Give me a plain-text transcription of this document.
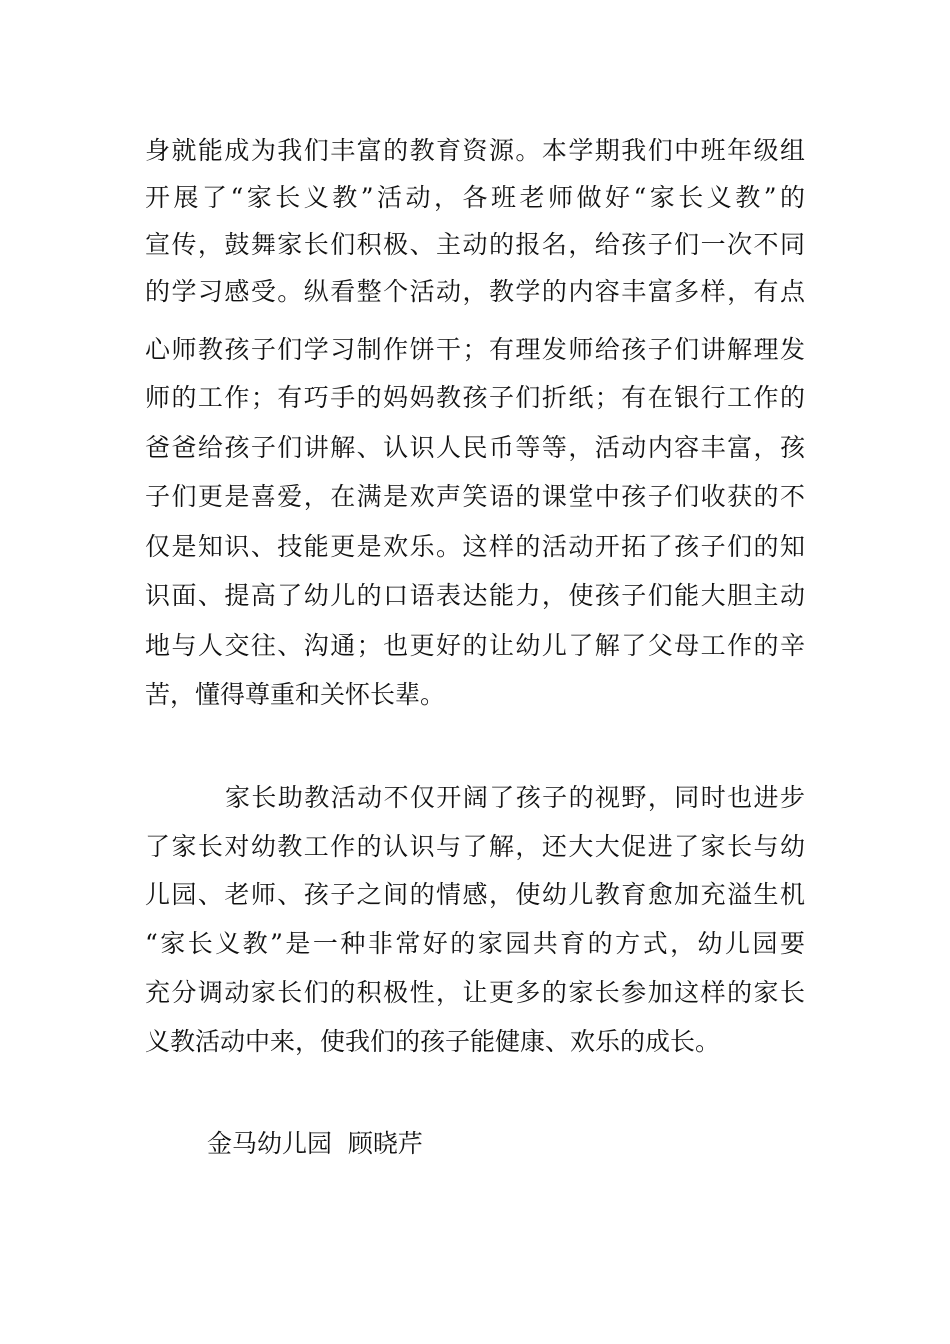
身就能成为我们丰富的教育资源。本学期我们中班年级组
开展了“家长义教”活动，各班老师做好“家长义教”的
宣传，鼓舞家长们积极、主动的报名，给孩子们一次不同
的学习感受。纵看整个活动，教学的内容丰富多样，有点
心师教孩子们学习制作饼干；有理发师给孩子们讲解理发
师的工作；有巧手的妈妈教孩子们折纸；有在银行工作的
爸爸给孩子们讲解、认识人民币等等，活动内容丰富，孩
子们更是喜爱，在满是欢声笑语的课堂中孩子们收获的不
仅是知识、技能更是欢乐。这样的活动开拓了孩子们的知
识面、提高了幼儿的口语表达能力，使孩子们能大胆主动
地与人交往、沟通；也更好的让幼儿了解了父母工作的辛
苦，懂得尊重和关怀长辈。
家长助教活动不仅开阔了孩子的视野，同时也进步
了家长对幼教工作的认识与了解，还大大促进了家长与幼
儿园、老师、孩子之间的情感，使幼儿教育愈加充溢生机
“家长义教”是一种非常好的家园共育的方式，幼儿园要
充分调动家长们的积极性，让更多的家长参加这样的家长
义教活动中来，使我们的孩子能健康、欢乐的成长。
金马幼儿园  顾晓芹
